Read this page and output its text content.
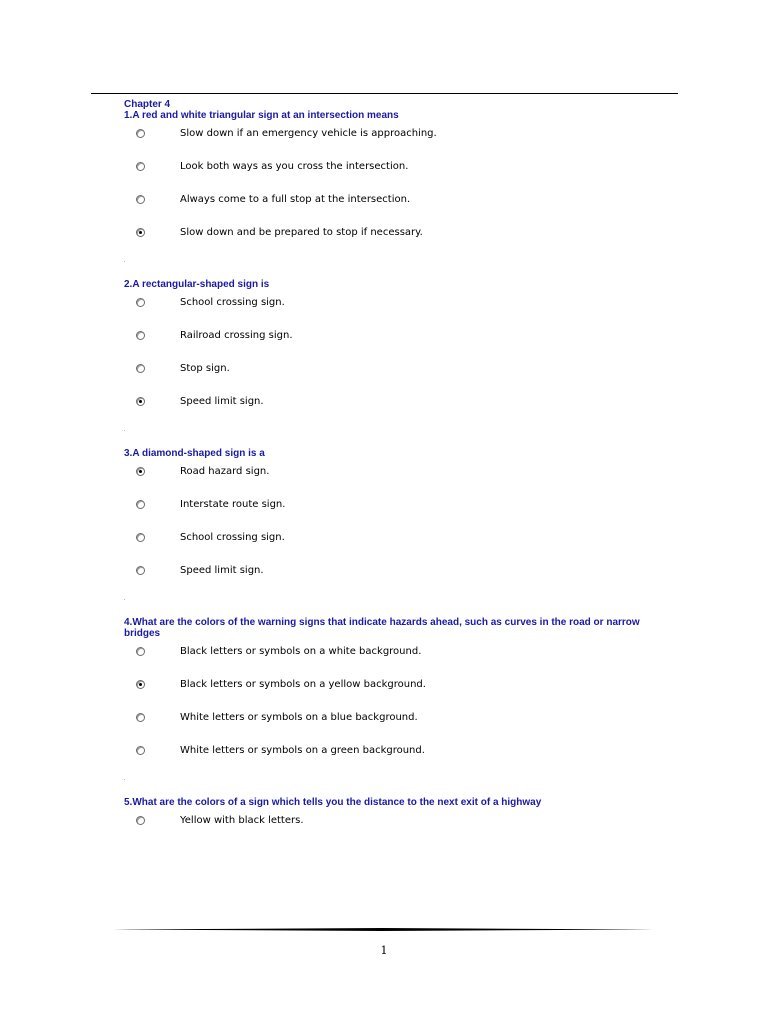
Chapter 4
1.A red and white triangular sign at an intersection means
Slow down if an emergency vehicle is approaching.
Look both ways as you cross the intersection.
Always come to a full stop at the intersection.
Slow down and be prepared to stop if necessary.
2.A rectangular-shaped sign is
School crossing sign.
Railroad crossing sign.
Stop sign.
Speed limit sign.
3.A diamond-shaped sign is a
Road hazard sign.
Interstate route sign.
School crossing sign.
Speed limit sign.
4.What are the colors of the warning signs that indicate hazards ahead, such as curves in the road or narrow bridges
Black letters or symbols on a white background.
Black letters or symbols on a yellow background.
White letters or symbols on a blue background.
White letters or symbols on a green background.
5.What are the colors of a sign which tells you the distance to the next exit of a highway
Yellow with black letters.
1
